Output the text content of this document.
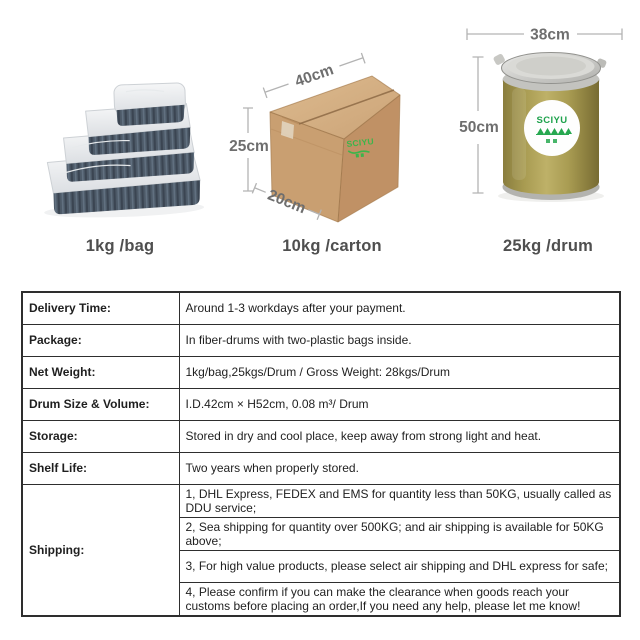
SCIYU
40cm
25cm
20cm
SCIYU
38cm
50cm
1kg /bag	10kg /carton	25kg /drum
Delivery Time:	Around 1-3 workdays after your payment.
Package:	In fiber-drums with two-plastic bags inside.
Net Weight:	1kg/bag,25kgs/Drum / Gross Weight: 28kgs/Drum
Drum Size & Volume:	I.D.42cm × H52cm, 0.08 m³/ Drum
Storage:	Stored in dry and cool place, keep away from strong light and heat.
Shelf Life:	Two years when properly stored.
Shipping:	1, DHL Express, FEDEX and EMS for quantity less than 50KG, usually called as DDU service;
	2, Sea shipping for quantity over 500KG; and air shipping is available for 50KG above;
	3, For high value products, please select air shipping and DHL express for safe;
	4, Please confirm if you can make the clearance when goods reach your customs before placing an order,If you need any help, please let me know!
